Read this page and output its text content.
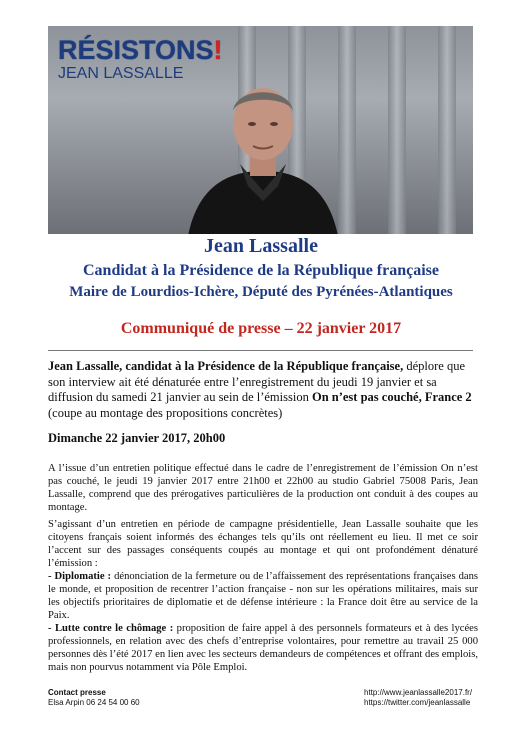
RÉSISTONS!
JEAN LASSALLE
Jean Lassalle
Candidat à la Présidence de la République française
Maire de Lourdios-Ichère, Député des Pyrénées-Atlantiques
Communiqué de presse – 22 janvier 2017
Jean Lassalle, candidat à la Présidence de la République française, déplore que son interview ait été dénaturée entre l’enregistrement du jeudi 19 janvier et sa diffusion du samedi 21 janvier au sein de l’émission On n’est pas couché, France 2 (coupe au montage des propositions concrètes)
Dimanche 22 janvier 2017, 20h00
A l’issue d’un entretien politique effectué dans le cadre de l’enregistrement de l’émission On n’est pas couché, le jeudi 19 janvier 2017 entre 21h00 et 22h00 au studio Gabriel 75008 Paris, Jean Lassalle, comprend que des prérogatives particulières de la production ont conduit à des coupes au montage.
S’agissant d’un entretien en période de campagne présidentielle, Jean Lassalle souhaite que les citoyens français soient informés des échanges tels qu’ils ont réellement eu lieu. Il met ce soir l’accent sur des passages conséquents coupés au montage et qui ont profondément dénaturé l’émission :
- Diplomatie : dénonciation de la fermeture ou de l’affaissement des représentations françaises dans le monde, et proposition de recentrer l’action française - non sur les opérations militaires, mais sur les objectifs prioritaires de diplomatie et de défense intérieure : la France doit être au service de la Paix.
- Lutte contre le chômage : proposition de faire appel à des personnels formateurs et à des lycées professionnels, en relation avec des chefs d’entreprise volontaires, pour remettre au travail 25 000 personnes dès l’été 2017 en lien avec les secteurs demandeurs de compétences et offrant des emplois, mais non pourvus notamment via Pôle Emploi.
Contact presse
Elsa Arpin 06 24 54 00 60
http://www.jeanlassalle2017.fr/
https://twitter.com/jeanlassalle
